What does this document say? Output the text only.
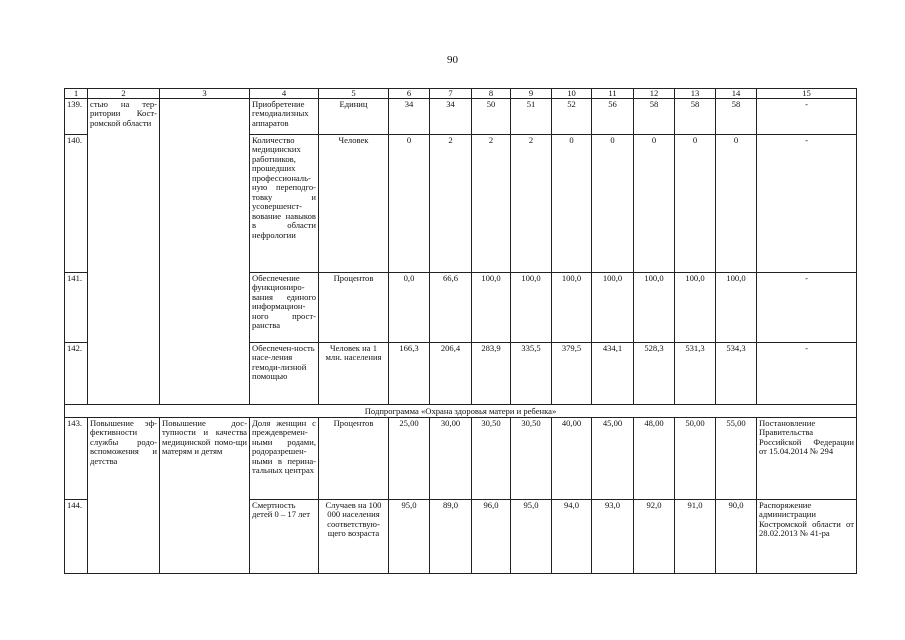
90
1	2	3	4	5	6	7	8	9	10	11	12	13	14	15
139.	стью на тер-ритории Кост-ромской области		Приобретение гемодиализных аппаратов	Единиц	34	34	50	51	52	56	58	58	58	-
140.			Количество медицинских работников, прошедших профессиональ-ную переподго-товку и усовершенст-вование навыков в области нефрологии	Человек	0	2	2	2	0	0	0	0	0	-
141.			Обеспечение функциониро-вания единого информацион-ного прост-ранства	Процентов	0,0	66,6	100,0	100,0	100,0	100,0	100,0	100,0	100,0	-
142.			Обеспечен-ность насе-ления гемоди-лизной помощью	Человек на 1 млн. населения	166,3	206,4	283,9	335,5	379,5	434,1	528,3	531,3	534,3	-
Подпрограмма «Охрана здоровья матери и ребенка»														
143.	Повышение эф-фективности службы родо-вспоможения и детства	Повышение дос-тупности и качества медицинской помо-щи матерям и детям	Доля женщин с преждевремен-ными родами, родоразрешен-ными в перина-тальных центрах	Процентов	25,00	30,00	30,50	30,50	40,00	45,00	48,00	50,00	55,00	Постановление Правительства Российской Федерации от 15.04.2014 № 294
144.			Смертность детей 0 – 17 лет	Случаев на 100 000 населения соответствую-щего возраста	95,0	89,0	96,0	95,0	94,0	93,0	92,0	91,0	90,0	Распоряжение администрации Костромской области от 28.02.2013 № 41-ра
